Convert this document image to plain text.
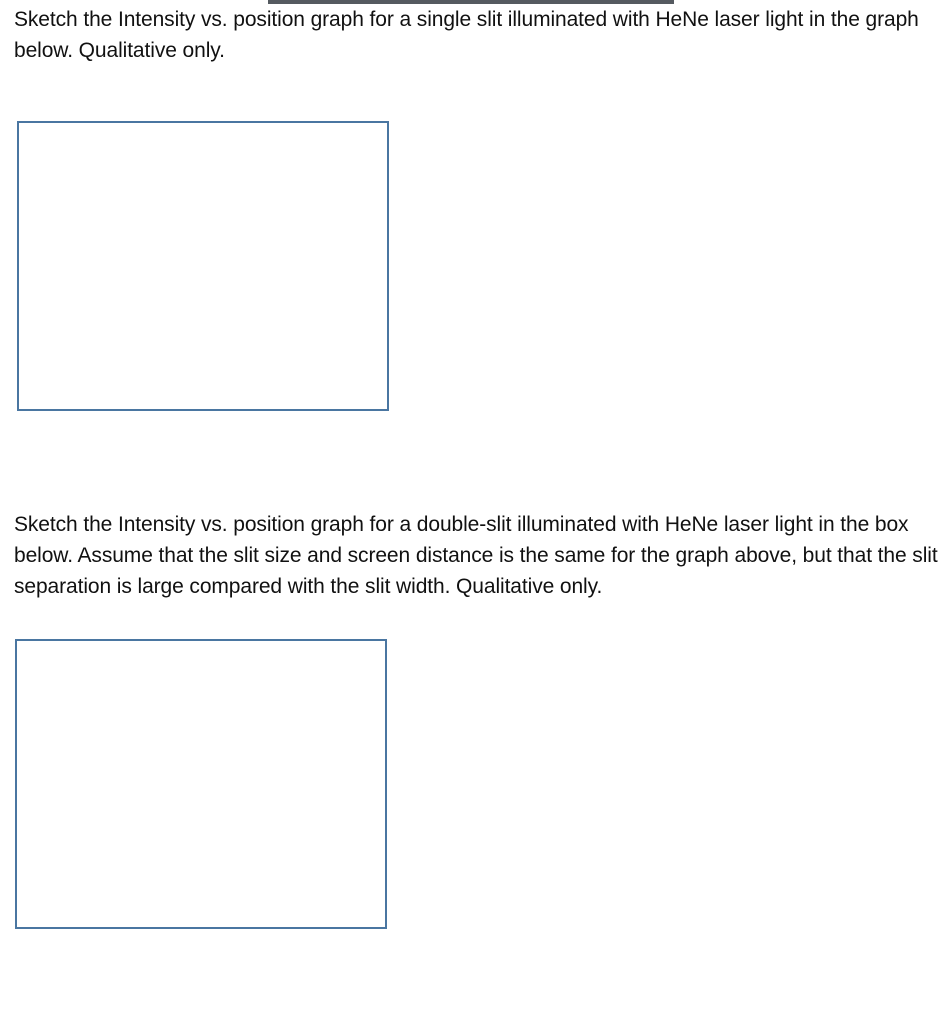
Sketch the Intensity vs. position graph for a single slit illuminated with HeNe laser light in the graph below. Qualitative only.

Sketch the Intensity vs. position graph for a double-slit illuminated with HeNe laser light in the box below. Assume that the slit size and screen distance is the same for the graph above, but that the slit separation is large compared with the slit width. Qualitative only.
